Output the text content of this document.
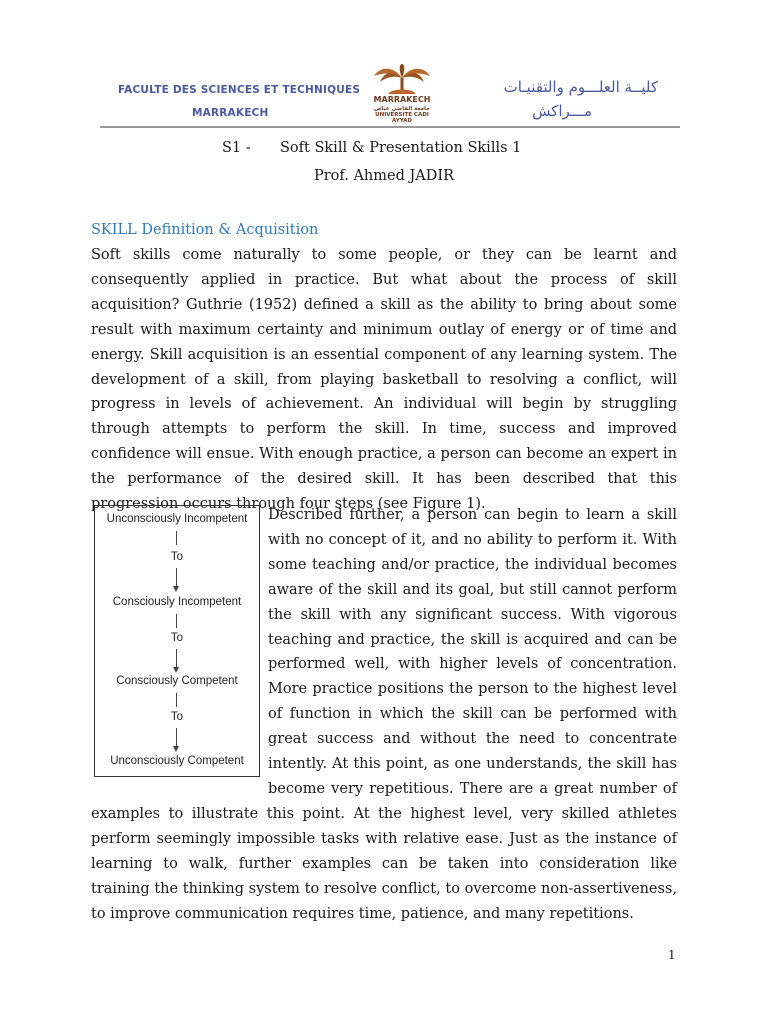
FACULTE DES SCIENCES ET TECHNIQUES
MARRAKECH
MARRAKECH
جامعة القاضي عياض
UNIVERSITE CADI AYYAD
كليــة العلـــوم والتقنيـات
مـــراكش
S1 - Soft Skill & Presentation Skills 1
Prof. Ahmed JADIR
SKILL Definition & Acquisition
Soft skills come naturally to some people, or they can be learnt and consequently applied in practice. But what about the process of skill acquisition? Guthrie (1952) defined a skill as the ability to bring about some result with maximum certainty and minimum outlay of energy or of time and energy. Skill acquisition is an essential component of any learning system. The development of a skill, from playing basketball to resolving a conflict, will progress in levels of achievement. An individual will begin by struggling through attempts to perform the skill. In time, success and improved confidence will ensue. With enough practice, a person can become an expert in the performance of the desired skill. It has been described that this progression occurs through four steps (see Figure 1).
Described further, a person can begin to learn a skill with no concept of it, and no ability to perform it. With some teaching and/or practice, the individual becomes aware of the skill and its goal, but still cannot perform the skill with any significant success. With vigorous teaching and practice, the skill is acquired and can be performed well, with higher levels of concentration. More practice positions the person to the highest level of function in which the skill can be performed with great success and without the need to concentrate intently. At this point, as one understands, the skill has become very repetitious. There are a great number of examples to illustrate this point. At the highest level, very skilled athletes perform seemingly impossible tasks with relative ease. Just as the instance of learning to walk, further examples can be taken into consideration like training the thinking system to resolve conflict, to overcome non-assertiveness, to improve communication requires time, patience, and many repetitions.
Unconsciously Incompetent
To
Consciously Incompetent
To
Consciously Competent
To
Unconsciously Competent
1
